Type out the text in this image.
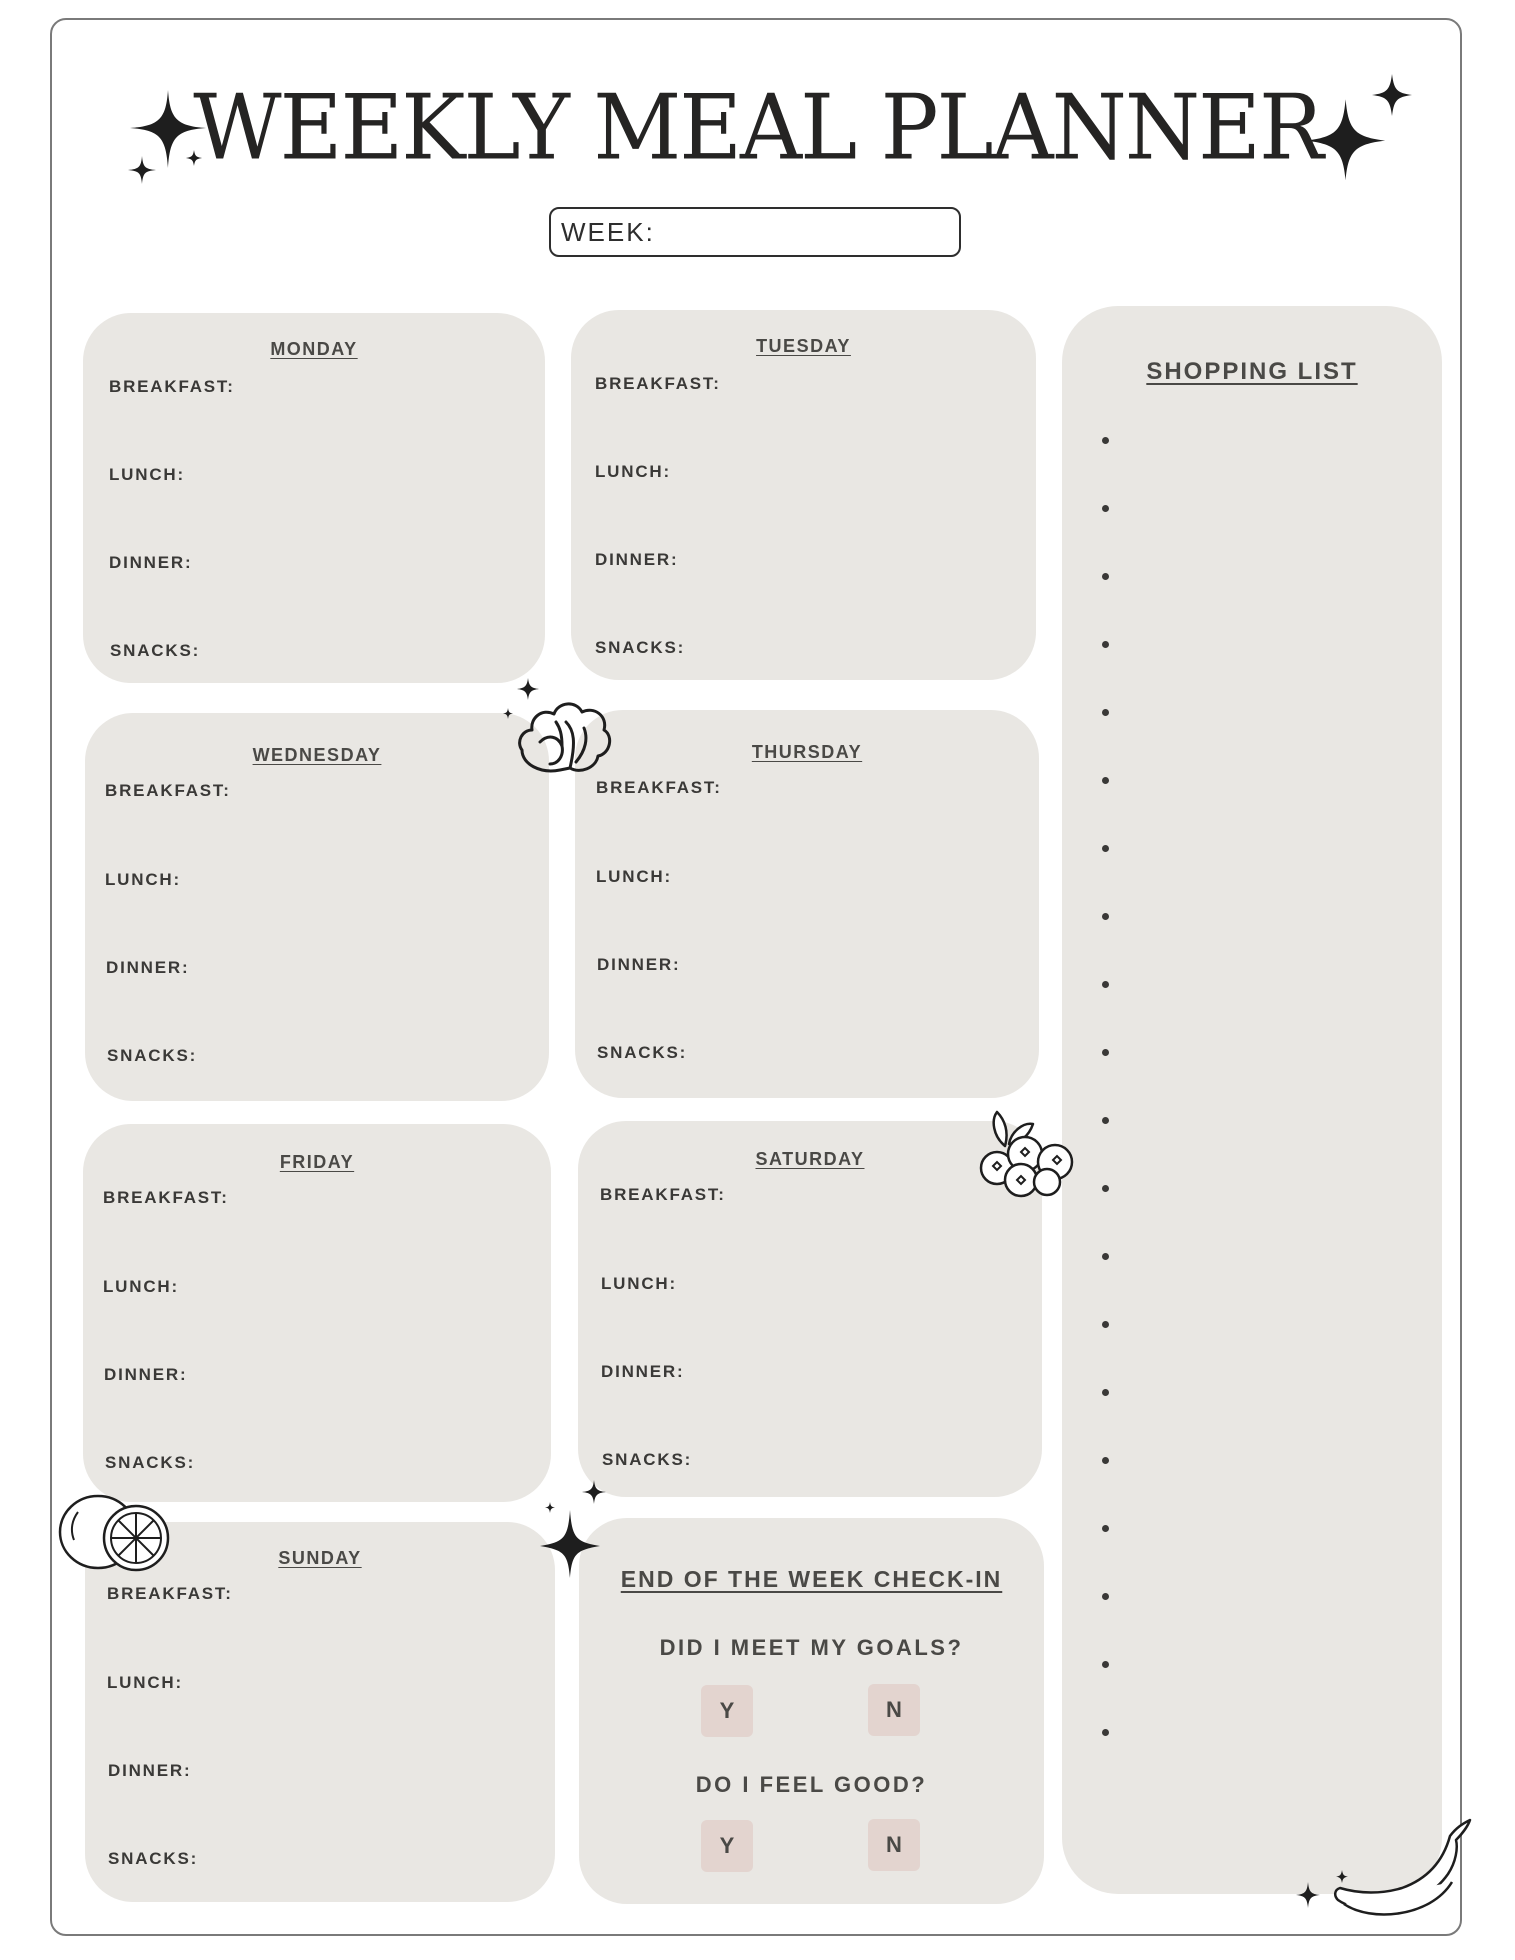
WEEKLY MEAL PLANNER
WEEK:
MONDAY
BREAKFAST:
LUNCH:
DINNER:
SNACKS:
TUESDAY
BREAKFAST:
LUNCH:
DINNER:
SNACKS:
WEDNESDAY
BREAKFAST:
LUNCH:
DINNER:
SNACKS:
THURSDAY
BREAKFAST:
LUNCH:
DINNER:
SNACKS:
FRIDAY
BREAKFAST:
LUNCH:
DINNER:
SNACKS:
SATURDAY
BREAKFAST:
LUNCH:
DINNER:
SNACKS:
SUNDAY
BREAKFAST:
LUNCH:
DINNER:
SNACKS:
END OF THE WEEK CHECK-IN
DID I MEET MY GOALS?
Y	N
DO I FEEL GOOD?
Y	N
SHOPPING LIST
